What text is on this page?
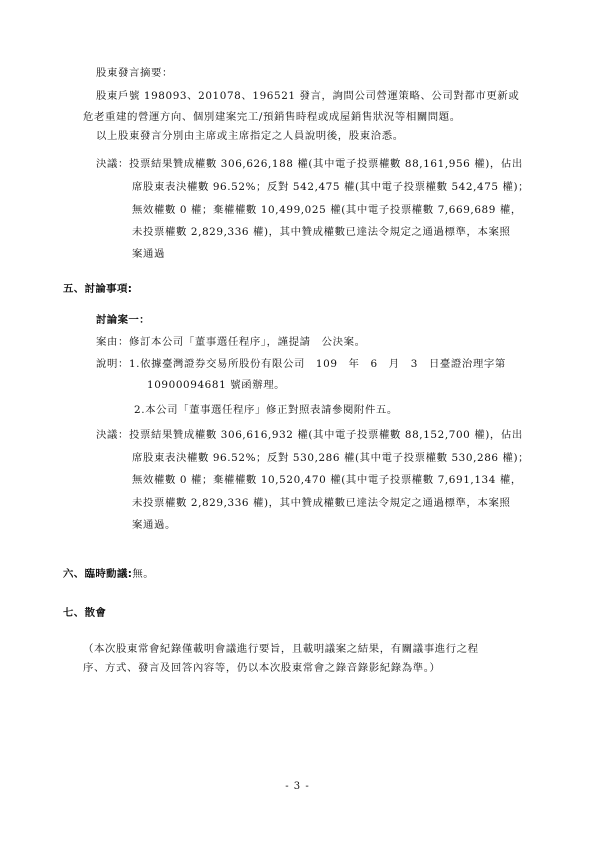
股東發言摘要：
股東戶號 198093、201078、196521 發言，詢問公司營運策略、公司對都市更新或
危老重建的營運方向、個別建案完工/預銷售時程或成屋銷售狀況等相關問題。
以上股東發言分別由主席或主席指定之人員說明後，股東洽悉。
決議：投票結果贊成權數 306,626,188 權(其中電子投票權數 88,161,956 權)，佔出
席股東表決權數 96.52%；反對 542,475 權(其中電子投票權數 542,475 權)；
無效權數 0 權；棄權權數 10,499,025 權(其中電子投票權數 7,669,689 權，
未投票權數 2,829,336 權)，其中贊成權數已達法令規定之通過標準，本案照
案通過
五、討論事項:
討論案一：
案由：修訂本公司「董事選任程序」，謹提請　公決案。
說明：1.依據臺灣證券交易所股份有限公司　109　年　6　月　3　日臺證治理字第
10900094681 號函辦理。
2.本公司「董事選任程序」修正對照表請參閱附件五。
決議：投票結果贊成權數 306,616,932 權(其中電子投票權數 88,152,700 權)，佔出
席股東表決權數 96.52%；反對 530,286 權(其中電子投票權數 530,286 權)；
無效權數 0 權；棄權權數 10,520,470 權(其中電子投票權數 7,691,134 權，
未投票權數 2,829,336 權)，其中贊成權數已達法令規定之通過標準，本案照
案通過。
六、臨時動議:無。
七、散會
（本次股東常會紀錄僅載明會議進行要旨，且載明議案之結果，有關議事進行之程
序、方式、發言及回答內容等，仍以本次股東常會之錄音錄影紀錄為準。）
- 3 -
